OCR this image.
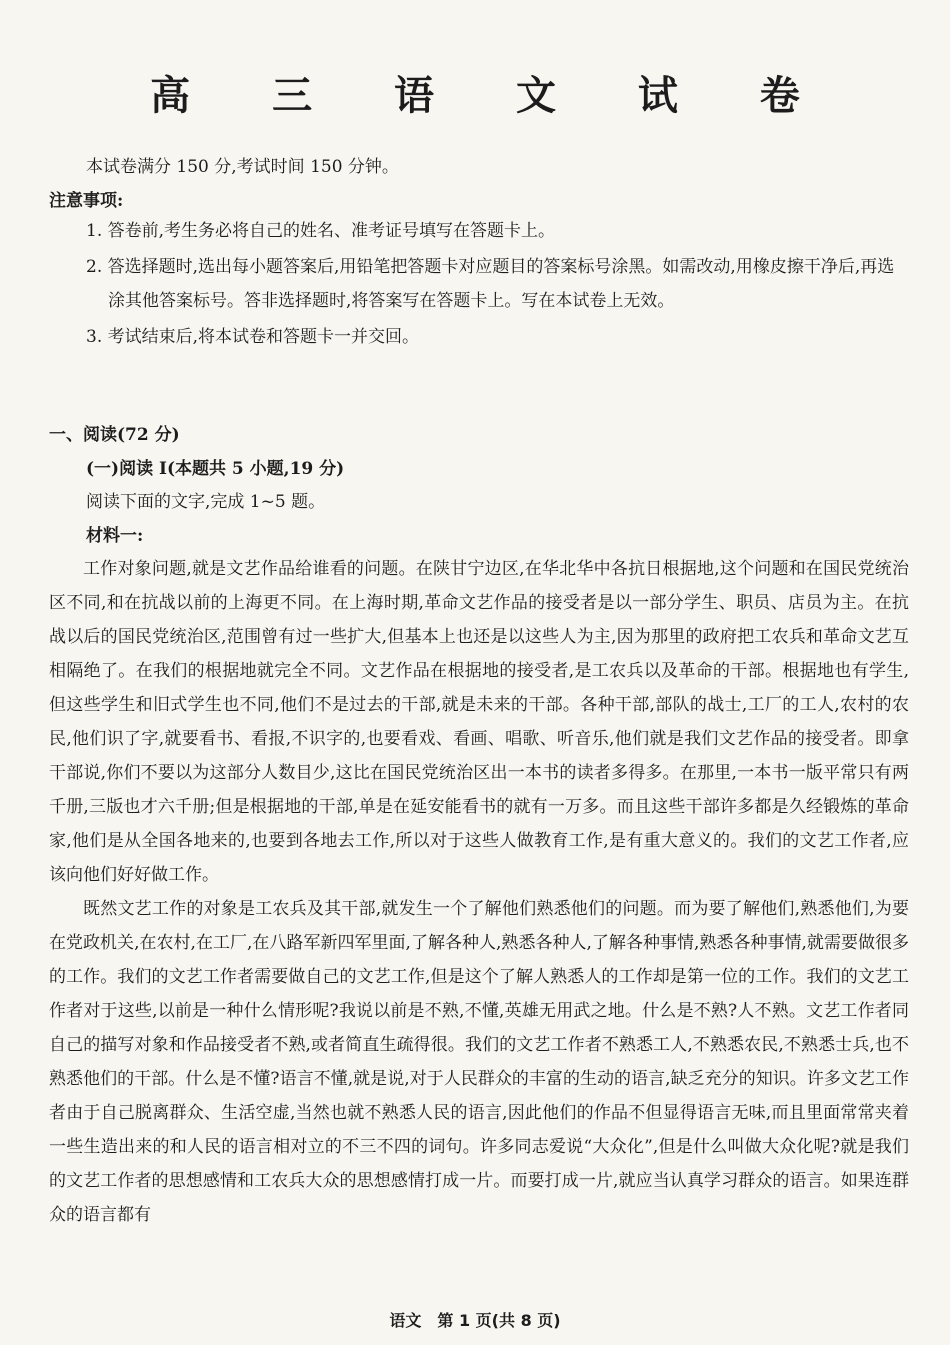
高 三 语 文 试 卷
本试卷满分 150 分,考试时间 150 分钟。
注意事项:
1. 答卷前,考生务必将自己的姓名、准考证号填写在答题卡上。
2. 答选择题时,选出每小题答案后,用铅笔把答题卡对应题目的答案标号涂黑。如需改动,用橡皮擦干净后,再选涂其他答案标号。答非选择题时,将答案写在答题卡上。写在本试卷上无效。
3. 考试结束后,将本试卷和答题卡一并交回。
一、阅读(72 分)
(一)阅读 Ⅰ(本题共 5 小题,19 分)
阅读下面的文字,完成 1~5 题。
材料一:

工作对象问题,就是文艺作品给谁看的问题。在陕甘宁边区,在华北华中各抗日根据地,这个问题和在国民党统治区不同,和在抗战以前的上海更不同。在上海时期,革命文艺作品的接受者是以一部分学生、职员、店员为主。在抗战以后的国民党统治区,范围曾有过一些扩大,但基本上也还是以这些人为主,因为那里的政府把工农兵和革命文艺互相隔绝了。在我们的根据地就完全不同。文艺作品在根据地的接受者,是工农兵以及革命的干部。根据地也有学生,但这些学生和旧式学生也不同,他们不是过去的干部,就是未来的干部。各种干部,部队的战士,工厂的工人,农村的农民,他们识了字,就要看书、看报,不识字的,也要看戏、看画、唱歌、听音乐,他们就是我们文艺作品的接受者。即拿干部说,你们不要以为这部分人数目少,这比在国民党统治区出一本书的读者多得多。在那里,一本书一版平常只有两千册,三版也才六千册;但是根据地的干部,单是在延安能看书的就有一万多。而且这些干部许多都是久经锻炼的革命家,他们是从全国各地来的,也要到各地去工作,所以对于这些人做教育工作,是有重大意义的。我们的文艺工作者,应该向他们好好做工作。

既然文艺工作的对象是工农兵及其干部,就发生一个了解他们熟悉他们的问题。而为要了解他们,熟悉他们,为要在党政机关,在农村,在工厂,在八路军新四军里面,了解各种人,熟悉各种人,了解各种事情,熟悉各种事情,就需要做很多的工作。我们的文艺工作者需要做自己的文艺工作,但是这个了解人熟悉人的工作却是第一位的工作。我们的文艺工作者对于这些,以前是一种什么情形呢?我说以前是不熟,不懂,英雄无用武之地。什么是不熟?人不熟。文艺工作者同自己的描写对象和作品接受者不熟,或者简直生疏得很。我们的文艺工作者不熟悉工人,不熟悉农民,不熟悉士兵,也不熟悉他们的干部。什么是不懂?语言不懂,就是说,对于人民群众的丰富的生动的语言,缺乏充分的知识。许多文艺工作者由于自己脱离群众、生活空虚,当然也就不熟悉人民的语言,因此他们的作品不但显得语言无味,而且里面常常夹着一些生造出来的和人民的语言相对立的不三不四的词句。许多同志爱说“大众化”,但是什么叫做大众化呢?就是我们的文艺工作者的思想感情和工农兵大众的思想感情打成一片。而要打成一片,就应当认真学习群众的语言。如果连群众的语言都有

语文 第 1 页(共 8 页)
